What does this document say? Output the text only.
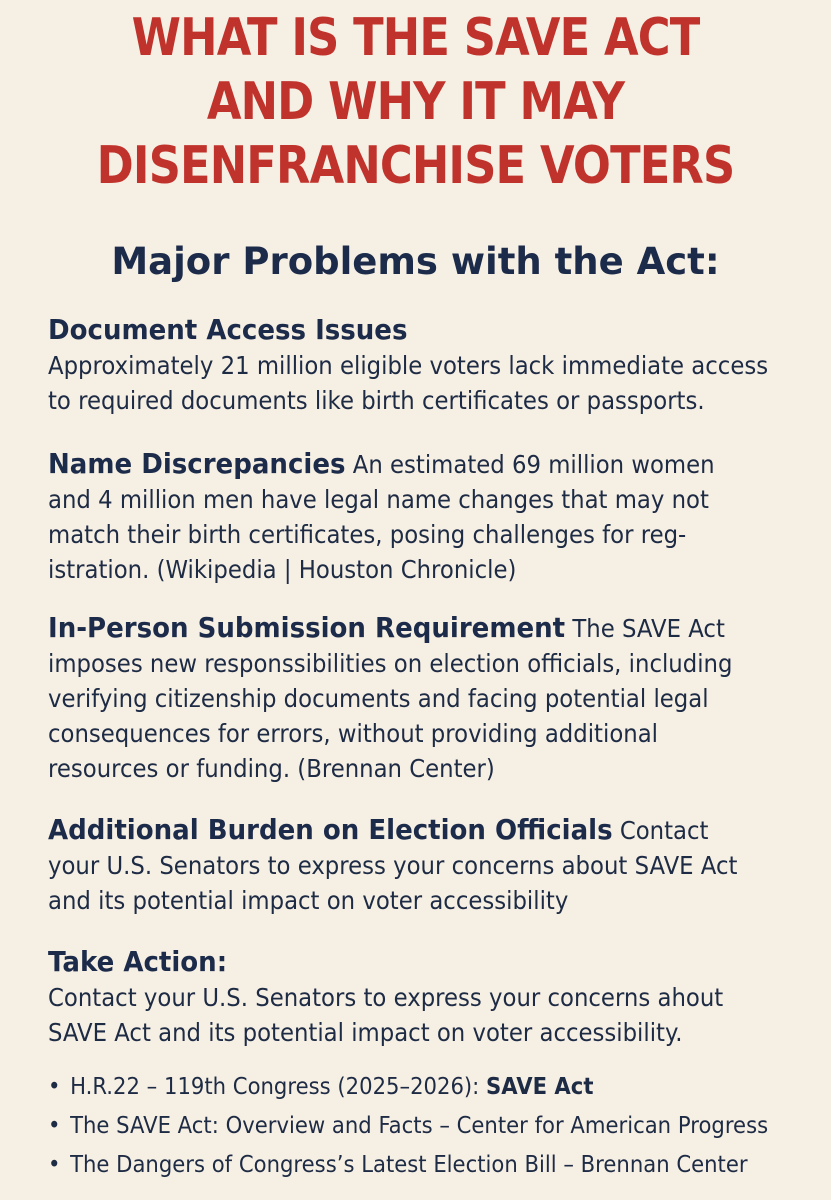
WHAT IS THE SAVE ACT
AND WHY IT MAY
DISENFRANCHISE VOTERS
Major Problems with the Act:
Document Access Issues
Approximately 21 million eligible voters lack immediate access
to required documents like birth certificates or passports.
Name Discrepancies An estimated 69 million women
and 4 million men have legal name changes that may not
match their birth certificates, posing challenges for reg-
istration. (Wikipedia | Houston Chronicle)
In-Person Submission Requirement The SAVE Act
imposes new responssibilities on election officials, including
verifying citizenship documents and facing potential legal
consequences for errors, without providing additional
resources or funding. (Brennan Center)
Additional Burden on Election Officials Contact
your U.S. Senators to express your concerns about SAVE Act
and its potential impact on voter accessibility
Take Action:
Contact your U.S. Senators to express your concerns ahout
SAVE Act and its potential impact on voter accessibility.
• H.R.22 – 119th Congress (2025–2026): SAVE Act
• The SAVE Act: Overview and Facts – Center for American Progress
• The Dangers of Congress’s Latest Election Bill – Brennan Center
